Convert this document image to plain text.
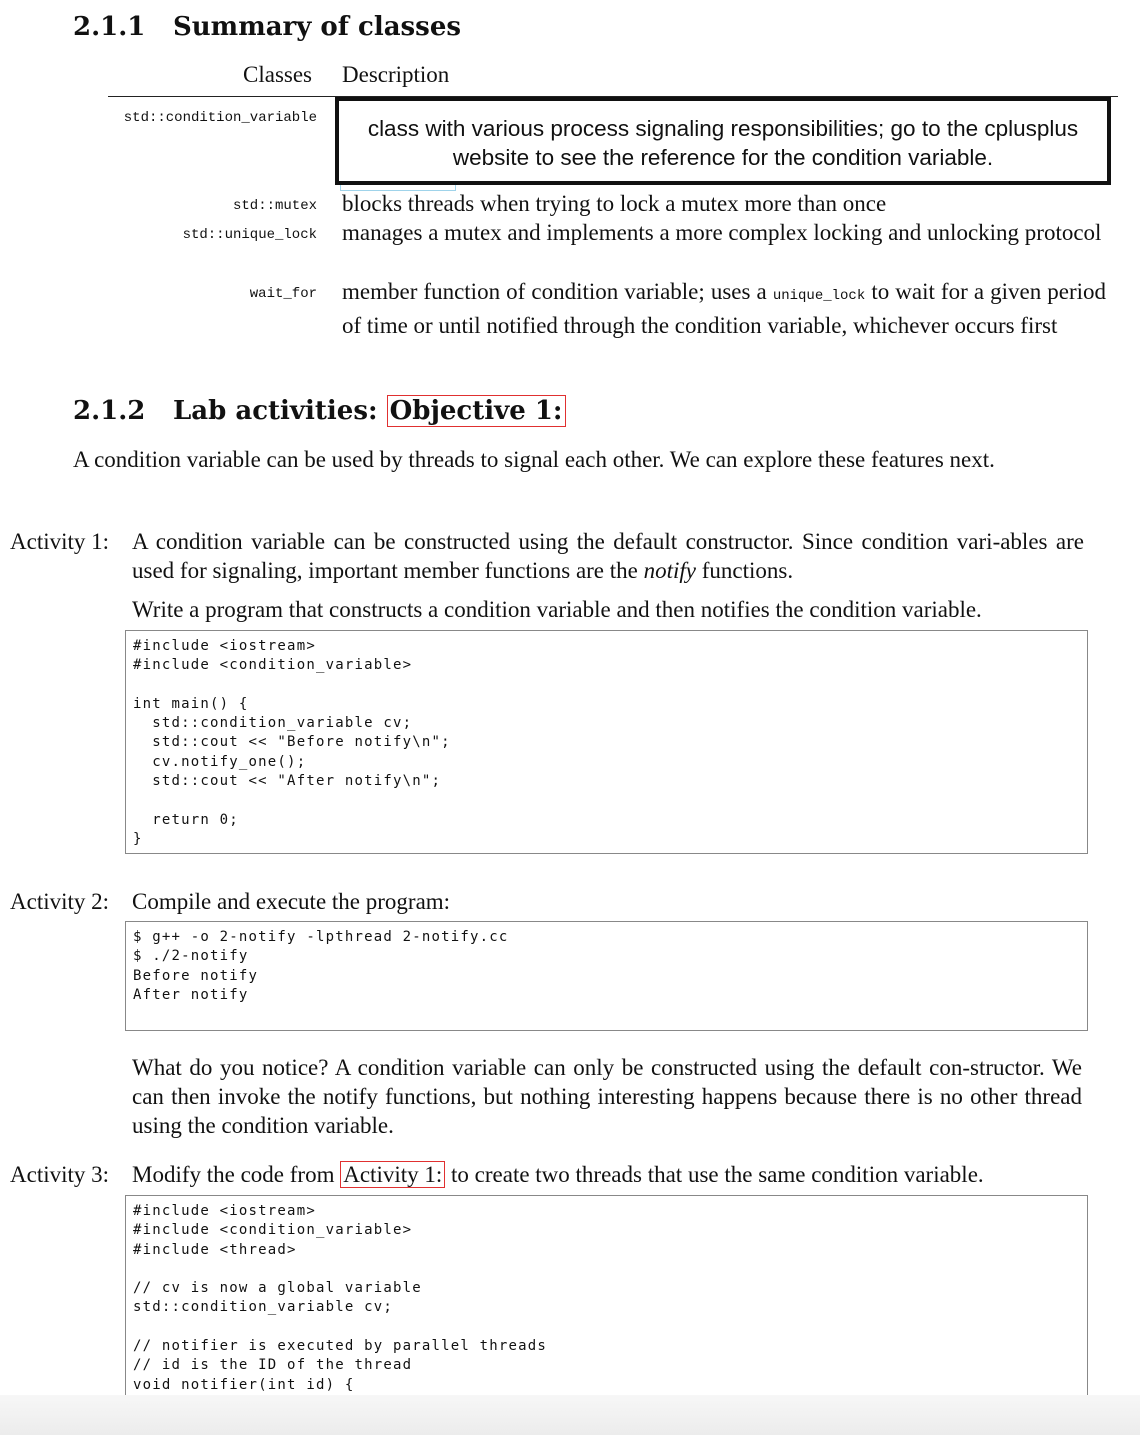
2.1.1 Summary of classes
Classes Description
std::condition_variable	class with various process signaling responsibilities; go to the cplusplus website to see the reference for the condition variable.
std::mutex blocks threads when trying to lock a mutex more than once
std::unique_lock manages a mutex and implements a more complex locking and unlocking protocol
wait_for member function of condition variable; uses a unique_lock to wait for a given period of time or until notified through the condition variable, whichever occurs first
2.1.2 Lab activities: Objective 1:
A condition variable can be used by threads to signal each other. We can explore these features next.
Activity 1: A condition variable can be constructed using the default constructor. Since condition vari-ables are used for signaling, important member functions are the notify functions.
Write a program that constructs a condition variable and then notifies the condition variable.
#include <iostream>
#include <condition_variable>

int main() {
std::condition_variable cv;
std::cout << "Before notify\n";
cv.notify_one();
std::cout << "After notify\n";

return 0;
}
Activity 2: Compile and execute the program:
$ g++ -o 2-notify -lpthread 2-notify.cc
$ ./2-notify
Before notify
After notify
What do you notice? A condition variable can only be constructed using the default con-structor. We can then invoke the notify functions, but nothing interesting happens because there is no other thread using the condition variable.
Activity 3: Modify the code from Activity 1: to create two threads that use the same condition variable.
#include <iostream>
#include <condition_variable>
#include <thread>

// cv is now a global variable
std::condition_variable cv;

// notifier is executed by parallel threads
// id is the ID of the thread
void notifier(int id) {
